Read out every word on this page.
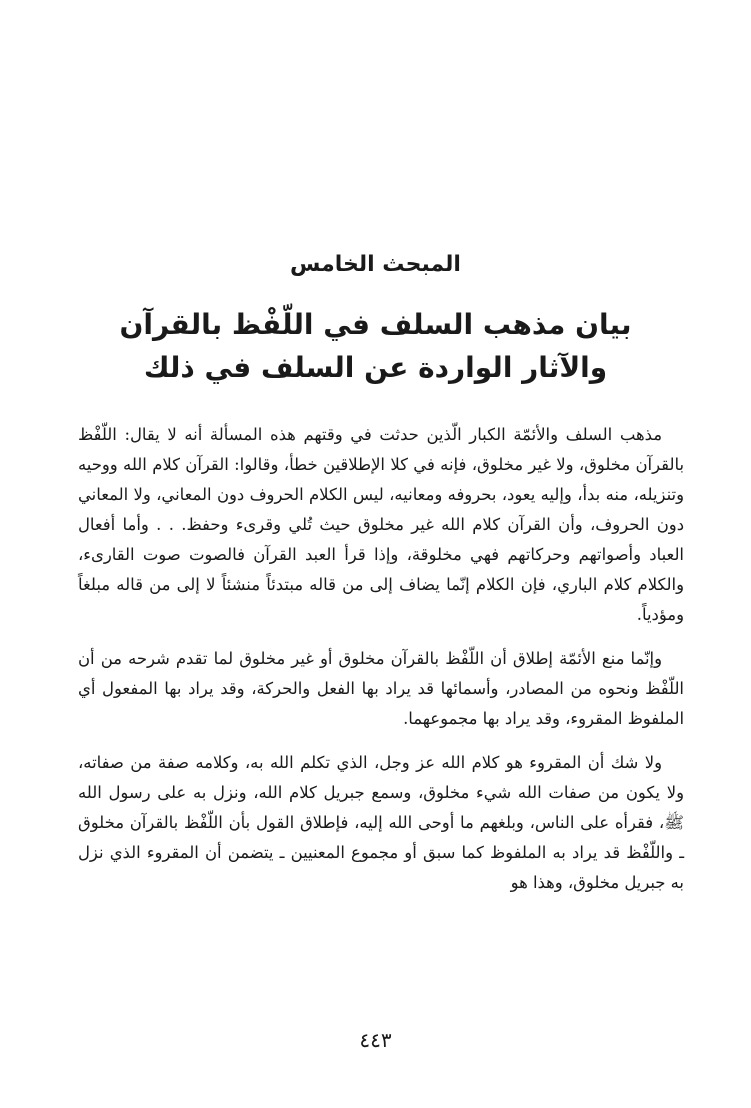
المبحث الخامس
بيان مذهب السلف في اللّفْظ بالقرآن
والآثار الواردة عن السلف في ذلك

مذهب السلف والأئمّة الكبار الّذين حدثت في وقتهم هذه المسألة أنه لا يقال: اللّفْظ بالقرآن مخلوق، ولا غير مخلوق، فإنه في كلا الإطلاقين خطأ، وقالوا: القرآن كلام الله ووحيه وتنزيله، منه بدأ، وإليه يعود، بحروفه ومعانيه، ليس الكلام الحروف دون المعاني، ولا المعاني دون الحروف، وأن القرآن كلام الله غير مخلوق حيث تُلي وقرىء وحفظ. . . وأما أفعال العباد وأصواتهم وحركاتهم فهي مخلوقة، وإذا قرأ العبد القرآن فالصوت صوت القارىء، والكلام كلام الباري، فإن الكلام إنّما يضاف إلى من قاله مبتدئاً منشئاً لا إلى من قاله مبلغاً ومؤدياً.

وإنّما منع الأئمّة إطلاق أن اللّفْظ بالقرآن مخلوق أو غير مخلوق لما تقدم شرحه من أن اللّفْظ ونحوه من المصادر، وأسمائها قد يراد بها الفعل والحركة، وقد يراد بها المفعول أي الملفوظ المقروء، وقد يراد بها مجموعهما.

ولا شك أن المقروء هو كلام الله عز وجل، الذي تكلم الله به، وكلامه صفة من صفاته، ولا يكون من صفات الله شيء مخلوق، وسمع جبريل كلام الله، ونزل به على رسول الله ﷺ، فقرأه على الناس، وبلغهم ما أوحى الله إليه، فإطلاق القول بأن اللّفْظ بالقرآن مخلوق ـ واللّفْظ قد يراد به الملفوظ كما سبق أو مجموع المعنيين ـ يتضمن أن المقروء الذي نزل به جبريل مخلوق، وهذا هو

٤٤٣
